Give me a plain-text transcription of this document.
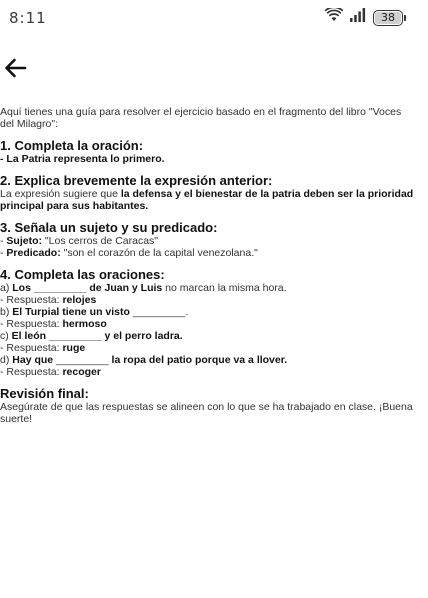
8:11	38

Aquí tienes una guía para resolver el ejercicio basado en el fragmento del libro "Voces del Milagro":

1. Completa la oración:

- La Patria representa lo primero.

2. Explica brevemente la expresión anterior:

La expresión sugiere que la defensa y el bienestar de la patria deben ser la prioridad principal para sus habitantes.

3. Señala un sujeto y su predicado:

- Sujeto: "Los cerros de Caracas"

- Predicado: "son el corazón de la capital venezolana."

4. Completa las oraciones:

a) Los _________ de Juan y Luis no marcan la misma hora.

- Respuesta: relojes

b) El Turpial tiene un visto _________.

- Respuesta: hermoso

c) El león _________ y el perro ladra.

- Respuesta: ruge

d) Hay que _________ la ropa del patio porque va a llover.

- Respuesta: recoger

Revisión final:

Asegúrate de que las respuestas se alineen con lo que se ha trabajado en clase. ¡Buena suerte!
